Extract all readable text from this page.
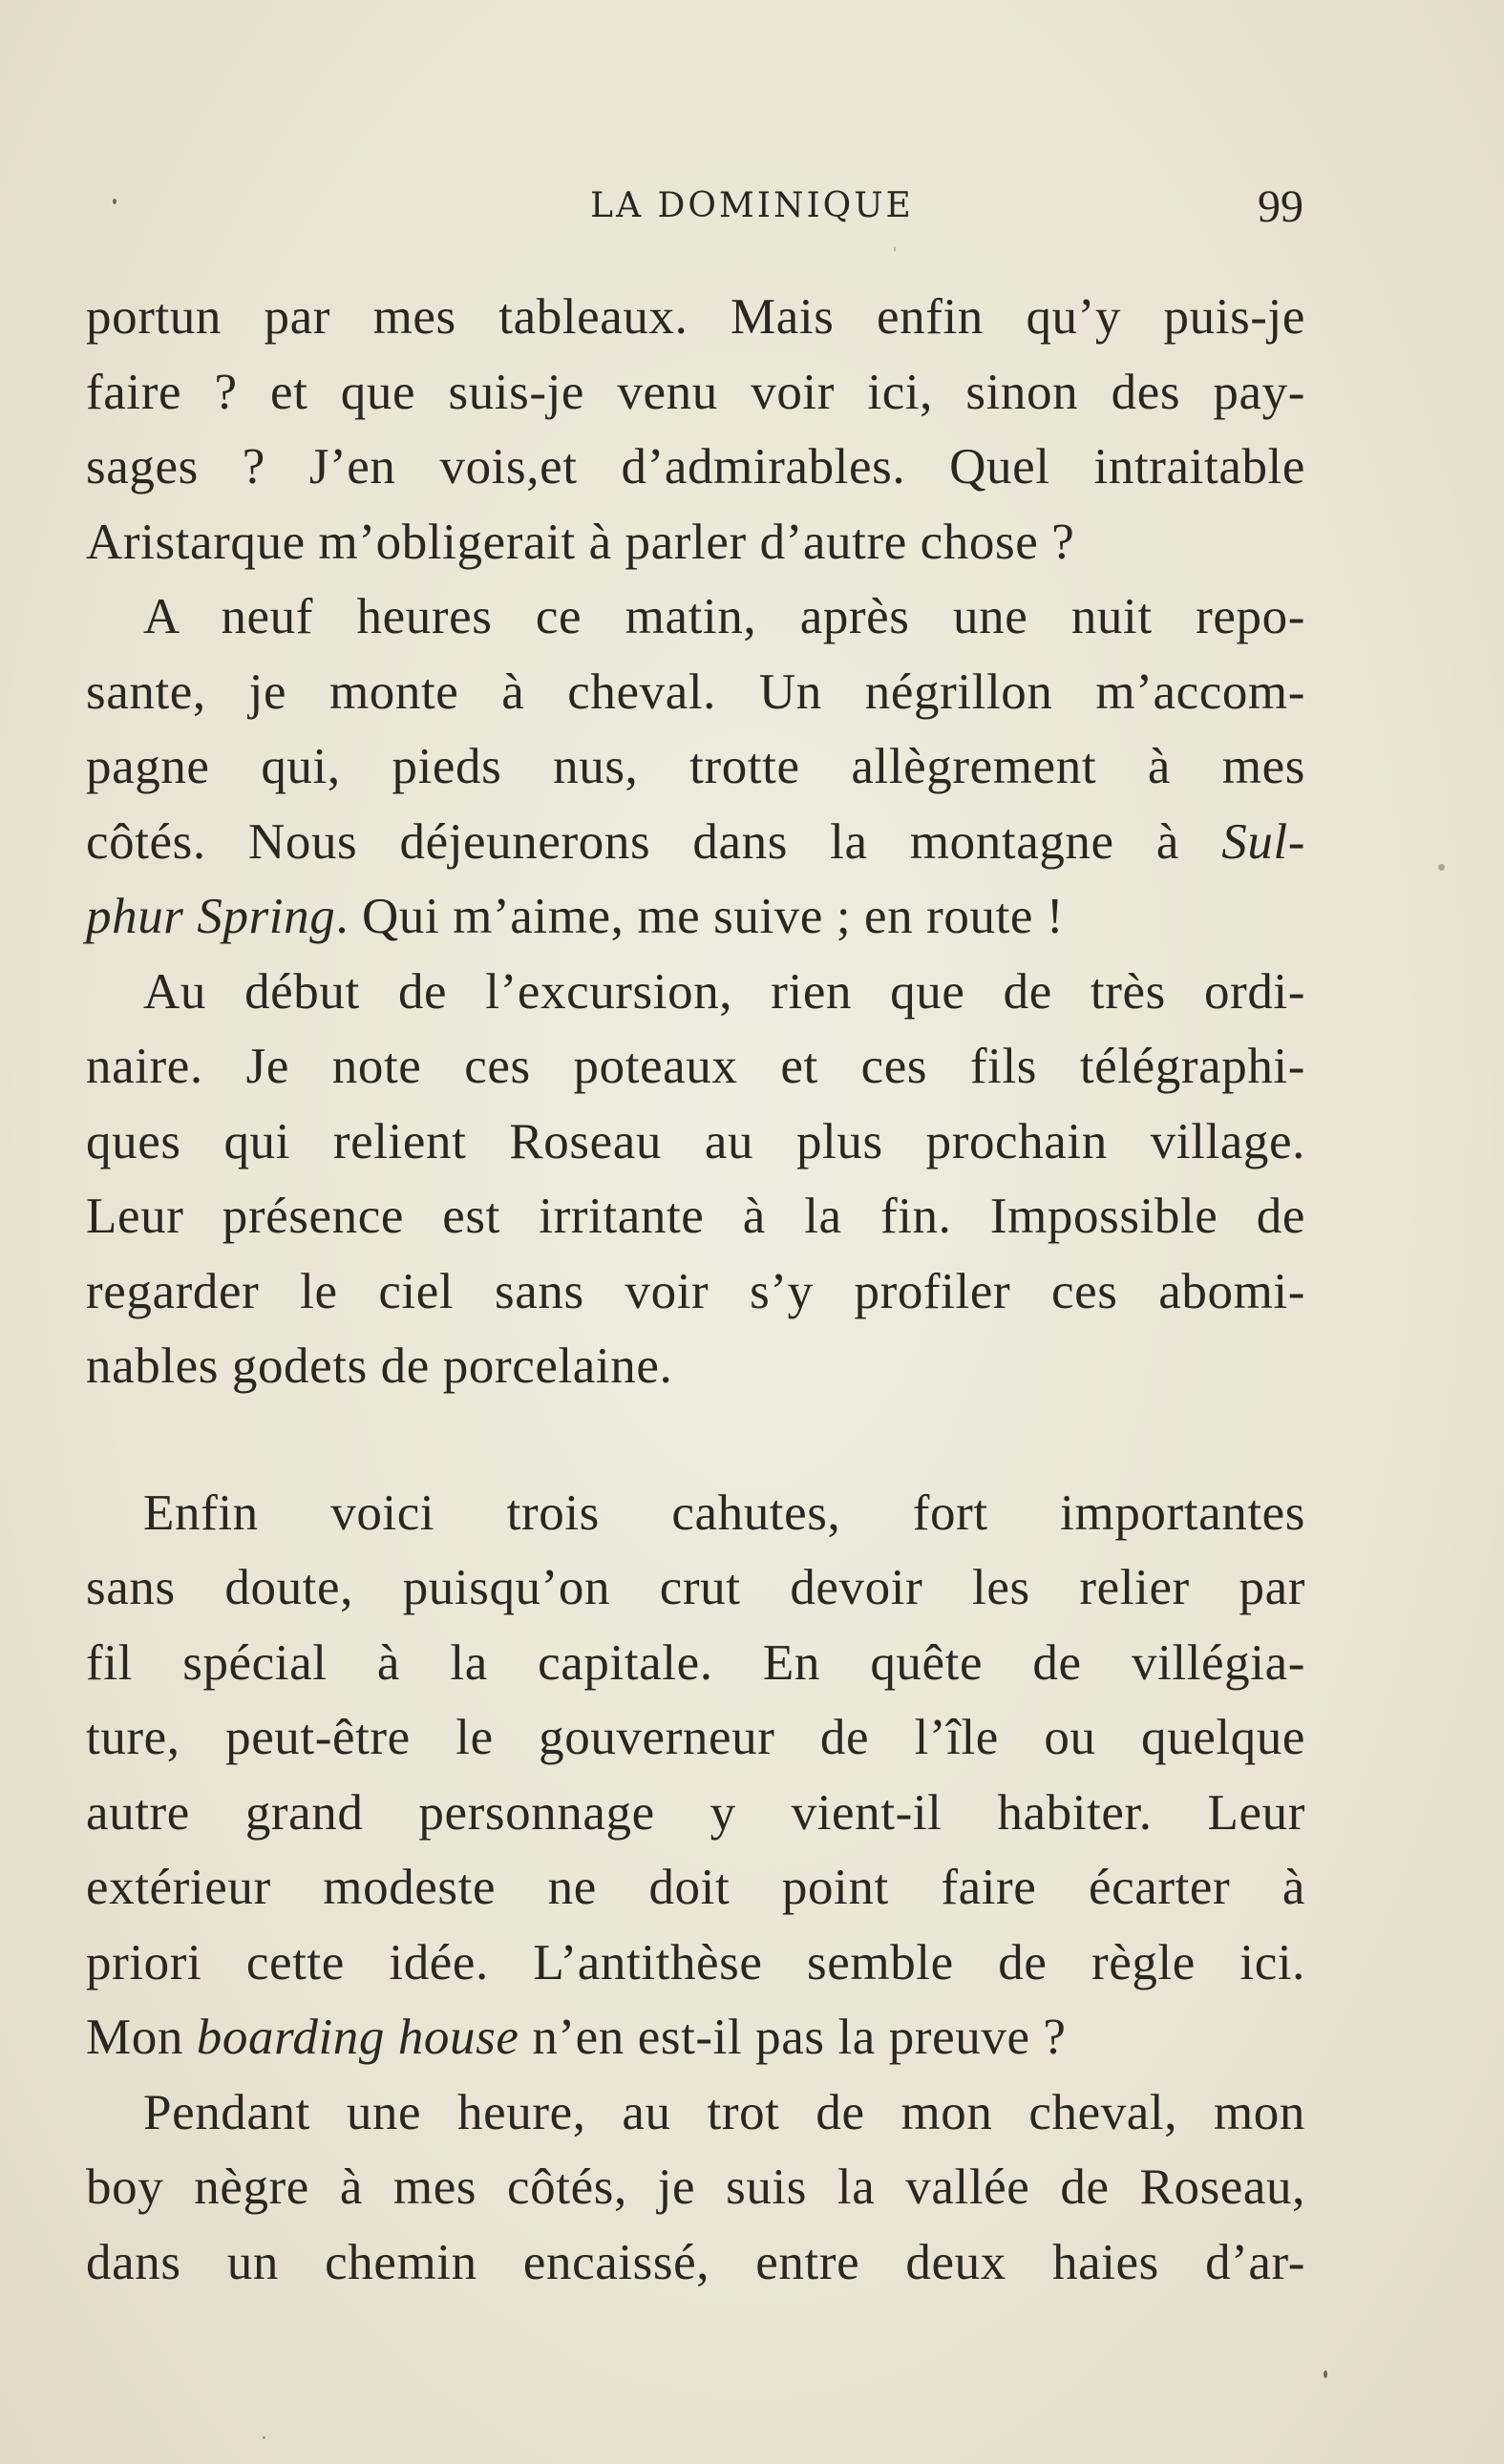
LA DOMINIQUE	99
portun par mes tableaux. Mais enfin qu’y puis-je
faire ? et que suis-je venu voir ici, sinon des pay-
sages ? J’en vois,et d’admirables. Quel intraitable
Aristarque m’obligerait à parler d’autre chose ?
A neuf heures ce matin, après une nuit repo-
sante, je monte à cheval. Un négrillon m’accom-
pagne qui, pieds nus, trotte allègrement à mes
côtés. Nous déjeunerons dans la montagne à Sul-
phur Spring. Qui m’aime, me suive ; en route !
Au début de l’excursion, rien que de très ordi-
naire. Je note ces poteaux et ces fils télégraphi-
ques qui relient Roseau au plus prochain village.
Leur présence est irritante à la fin. Impossible de
regarder le ciel sans voir s’y profiler ces abomi-
nables godets de porcelaine.
Enfin voici trois cahutes, fort importantes
sans doute, puisqu’on crut devoir les relier par
fil spécial à la capitale. En quête de villégia-
ture, peut-être le gouverneur de l’île ou quelque
autre grand personnage y vient-il habiter. Leur
extérieur modeste ne doit point faire écarter à
priori cette idée. L’antithèse semble de règle ici.
Mon boarding house n’en est-il pas la preuve ?
Pendant une heure, au trot de mon cheval, mon
boy nègre à mes côtés, je suis la vallée de Roseau,
dans un chemin encaissé, entre deux haies d’ar-
